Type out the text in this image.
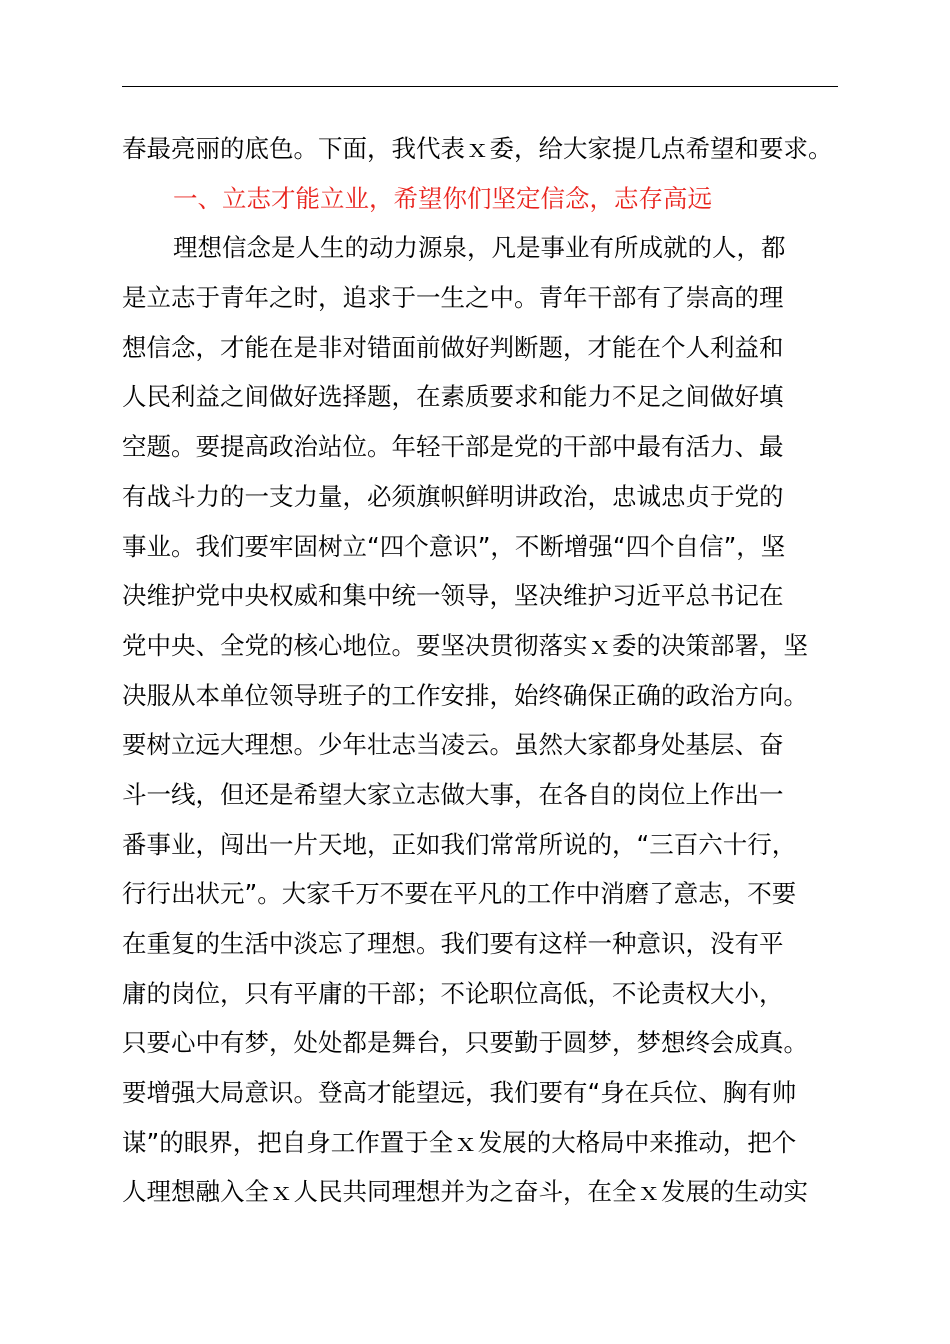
春最亮丽的底色。下面，我代表ｘ委，给大家提几点希望和要求。
一、立志才能立业，希望你们坚定信念，志存高远
理想信念是人生的动力源泉，凡是事业有所成就的人，都
是立志于青年之时，追求于一生之中。青年干部有了崇高的理
想信念，才能在是非对错面前做好判断题，才能在个人利益和
人民利益之间做好选择题，在素质要求和能力不足之间做好填
空题。要提高政治站位。年轻干部是党的干部中最有活力、最
有战斗力的一支力量，必须旗帜鲜明讲政治，忠诚忠贞于党的
事业。我们要牢固树立“四个意识”，不断增强“四个自信”，坚
决维护党中央权威和集中统一领导，坚决维护习近平总书记在
党中央、全党的核心地位。要坚决贯彻落实ｘ委的决策部署，坚
决服从本单位领导班子的工作安排，始终确保正确的政治方向。
要树立远大理想。少年壮志当凌云。虽然大家都身处基层、奋
斗一线，但还是希望大家立志做大事，在各自的岗位上作出一
番事业，闯出一片天地，正如我们常常所说的，“三百六十行，
行行出状元”。大家千万不要在平凡的工作中消磨了意志，不要
在重复的生活中淡忘了理想。我们要有这样一种意识，没有平
庸的岗位，只有平庸的干部；不论职位高低，不论责权大小，
只要心中有梦，处处都是舞台，只要勤于圆梦，梦想终会成真。
要增强大局意识。登高才能望远，我们要有“身在兵位、胸有帅
谋”的眼界，把自身工作置于全ｘ发展的大格局中来推动，把个
人理想融入全ｘ人民共同理想并为之奋斗，在全ｘ发展的生动实
